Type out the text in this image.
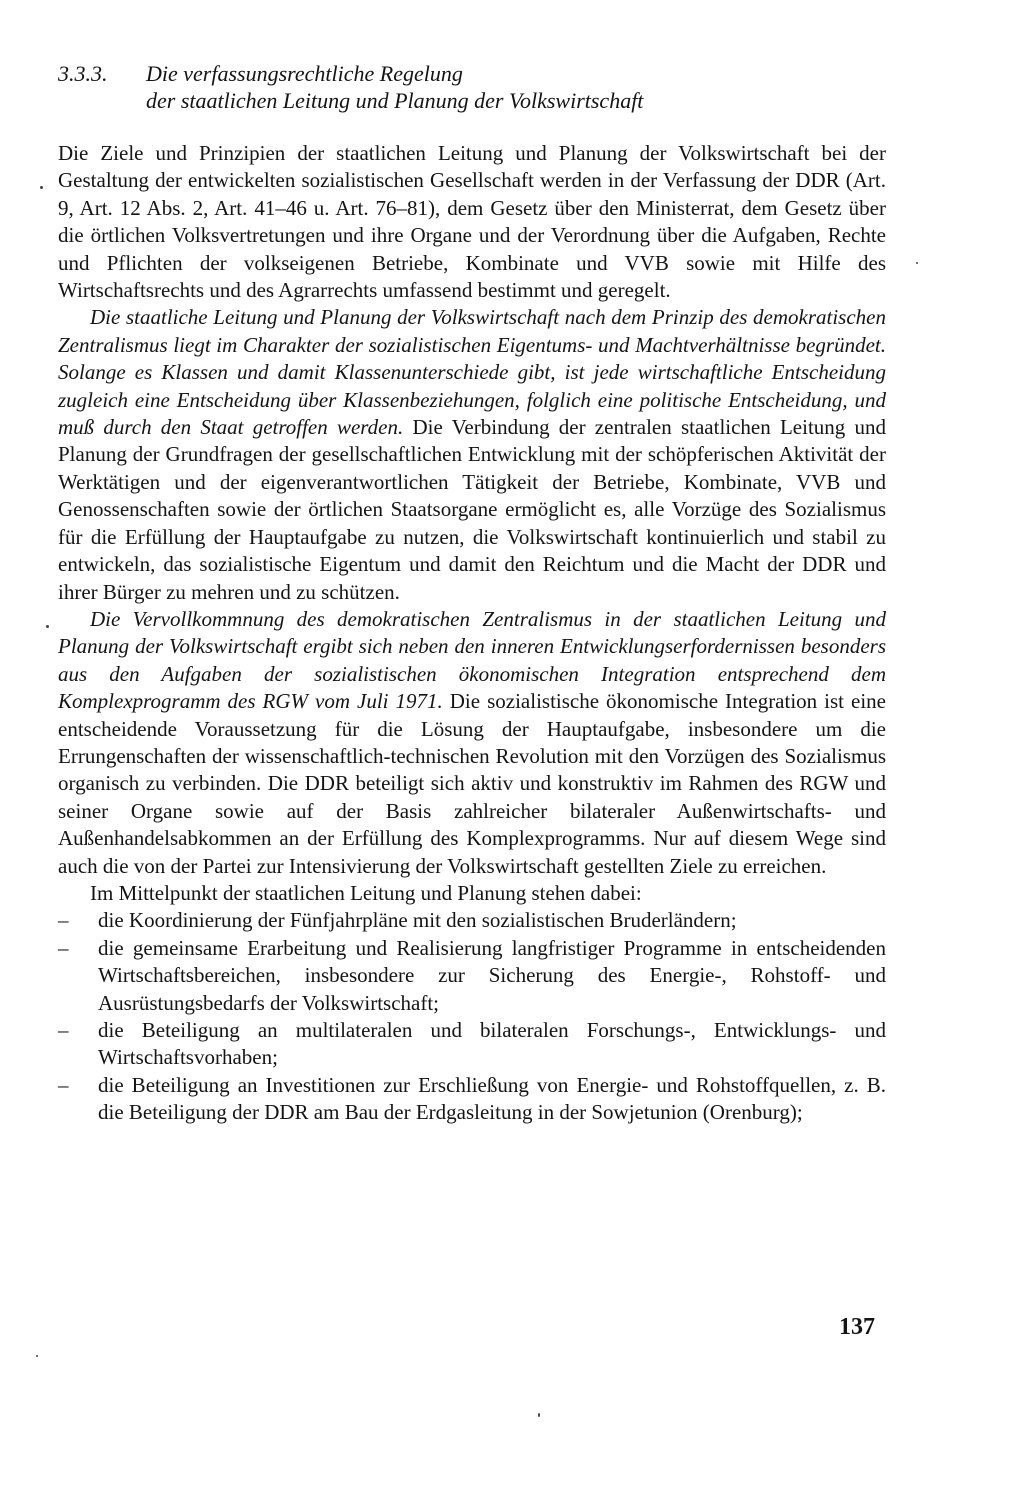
3.3.3. Die verfassungsrechtliche Regelung
der staatlichen Leitung und Planung der Volkswirtschaft

Die Ziele und Prinzipien der staatlichen Leitung und Planung der Volkswirtschaft bei der Gestaltung der entwickelten sozialistischen Gesellschaft werden in der Verfassung der DDR (Art. 9, Art. 12 Abs. 2, Art. 41–46 u. Art. 76–81), dem Gesetz über den Ministerrat, dem Gesetz über die örtlichen Volksvertretungen und ihre Organe und der Verordnung über die Aufgaben, Rechte und Pflichten der volkseigenen Betriebe, Kombinate und VVB sowie mit Hilfe des Wirtschaftsrechts und des Agrarrechts umfassend bestimmt und geregelt.

Die staatliche Leitung und Planung der Volkswirtschaft nach dem Prinzip des demokratischen Zentralismus liegt im Charakter der sozialistischen Eigentums- und Machtverhältnisse begründet. Solange es Klassen und damit Klassenunterschiede gibt, ist jede wirtschaftliche Entscheidung zugleich eine Entscheidung über Klassenbeziehungen, folglich eine politische Entscheidung, und muß durch den Staat getroffen werden. Die Verbindung der zentralen staatlichen Leitung und Planung der Grundfragen der gesellschaftlichen Entwicklung mit der schöpferischen Aktivität der Werktätigen und der eigenverantwortlichen Tätigkeit der Betriebe, Kombinate, VVB und Genossenschaften sowie der örtlichen Staatsorgane ermöglicht es, alle Vorzüge des Sozialismus für die Erfüllung der Hauptaufgabe zu nutzen, die Volkswirtschaft kontinuierlich und stabil zu entwickeln, das sozialistische Eigentum und damit den Reichtum und die Macht der DDR und ihrer Bürger zu mehren und zu schützen.

Die Vervollkommnung des demokratischen Zentralismus in der staatlichen Leitung und Planung der Volkswirtschaft ergibt sich neben den inneren Entwicklungserfordernissen besonders aus den Aufgaben der sozialistischen ökonomischen Integration entsprechend dem Komplexprogramm des RGW vom Juli 1971. Die sozialistische ökonomische Integration ist eine entscheidende Voraussetzung für die Lösung der Hauptaufgabe, insbesondere um die Errungenschaften der wissenschaftlich-technischen Revolution mit den Vorzügen des Sozialismus organisch zu verbinden. Die DDR beteiligt sich aktiv und konstruktiv im Rahmen des RGW und seiner Organe sowie auf der Basis zahlreicher bilateraler Außenwirtschafts- und Außenhandelsabkommen an der Erfüllung des Komplexprogramms. Nur auf diesem Wege sind auch die von der Partei zur Intensivierung der Volkswirtschaft gestellten Ziele zu erreichen.

Im Mittelpunkt der staatlichen Leitung und Planung stehen dabei:

– die Koordinierung der Fünfjahrpläne mit den sozialistischen Bruderländern;
– die gemeinsame Erarbeitung und Realisierung langfristiger Programme in entscheidenden Wirtschaftsbereichen, insbesondere zur Sicherung des Energie-, Rohstoff- und Ausrüstungsbedarfs der Volkswirtschaft;
– die Beteiligung an multilateralen und bilateralen Forschungs-, Entwicklungs- und Wirtschaftsvorhaben;
– die Beteiligung an Investitionen zur Erschließung von Energie- und Rohstoffquellen, z. B. die Beteiligung der DDR am Bau der Erdgasleitung in der Sowjetunion (Orenburg);
137
